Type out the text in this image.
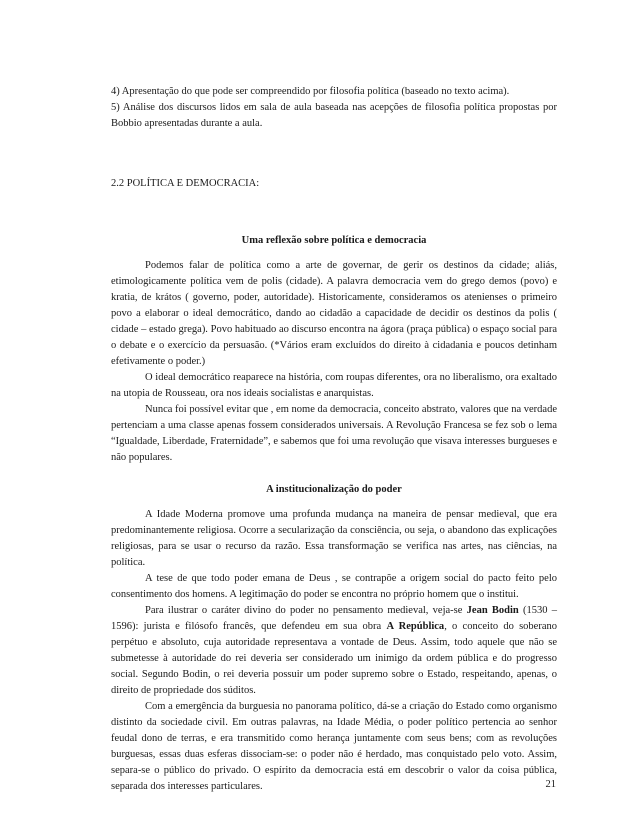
4) Apresentação do que pode ser compreendido por filosofia política (baseado no texto acima).

5) Análise dos discursos lidos em sala de aula baseada nas acepções de filosofia política propostas por Bobbio apresentadas durante a aula.

2.2 POLÍTICA E DEMOCRACIA:
Uma reflexão sobre política e democracia

Podemos falar de política como a arte de governar, de gerir os destinos da cidade; aliás, etimologicamente política vem de polis (cidade). A palavra democracia vem do grego demos (povo) e kratia, de krátos ( governo, poder, autoridade). Historicamente, consideramos os atenienses o primeiro povo a elaborar o ideal democrático, dando ao cidadão a capacidade de decidir os destinos da polis ( cidade – estado grega). Povo habituado ao discurso encontra na ágora (praça pública) o espaço social para o debate e o exercício da persuasão. (*Vários eram excluídos do direito à cidadania e poucos detinham efetivamente o poder.)

O ideal democrático reaparece na história, com roupas diferentes, ora no liberalismo, ora exaltado na utopia de Rousseau, ora nos ideais socialistas e anarquistas.

Nunca foi possível evitar que , em nome da democracia, conceito abstrato, valores que na verdade pertenciam a uma classe apenas fossem considerados universais. A Revolução Francesa se fez sob o lema “Igualdade, Liberdade, Fraternidade”, e sabemos que foi uma revolução que visava interesses burgueses e não populares.

A institucionalização do poder

A Idade Moderna promove uma profunda mudança na maneira de pensar medieval, que era predominantemente religiosa. Ocorre a secularização da consciência, ou seja, o abandono das explicações religiosas, para se usar o recurso da razão. Essa transformação se verifica nas artes, nas ciências, na política.

A tese de que todo poder emana de Deus , se contrapõe a origem social do pacto feito pelo consentimento dos homens. A legitimação do poder se encontra no próprio homem que o institui.

Para ilustrar o caráter divino do poder no pensamento medieval, veja-se Jean Bodin (1530 – 1596): jurista e filósofo francês, que defendeu em sua obra A República, o conceito do soberano perpétuo e absoluto, cuja autoridade representava a vontade de Deus. Assim, todo aquele que não se submetesse à autoridade do rei deveria ser considerado um inimigo da ordem pública e do progresso social. Segundo Bodin, o rei deveria possuir um poder supremo sobre o Estado, respeitando, apenas, o direito de propriedade dos súditos.

Com a emergência da burguesia no panorama político, dá-se a criação do Estado como organismo distinto da sociedade civil. Em outras palavras, na Idade Média, o poder político pertencia ao senhor feudal dono de terras, e era transmitido como herança juntamente com seus bens; com as revoluções burguesas, essas duas esferas dissociam-se: o poder não é herdado, mas conquistado pelo voto. Assim, separa-se o público do privado. O espírito da democracia está em descobrir o valor da coisa pública, separada dos interesses particulares.	21
